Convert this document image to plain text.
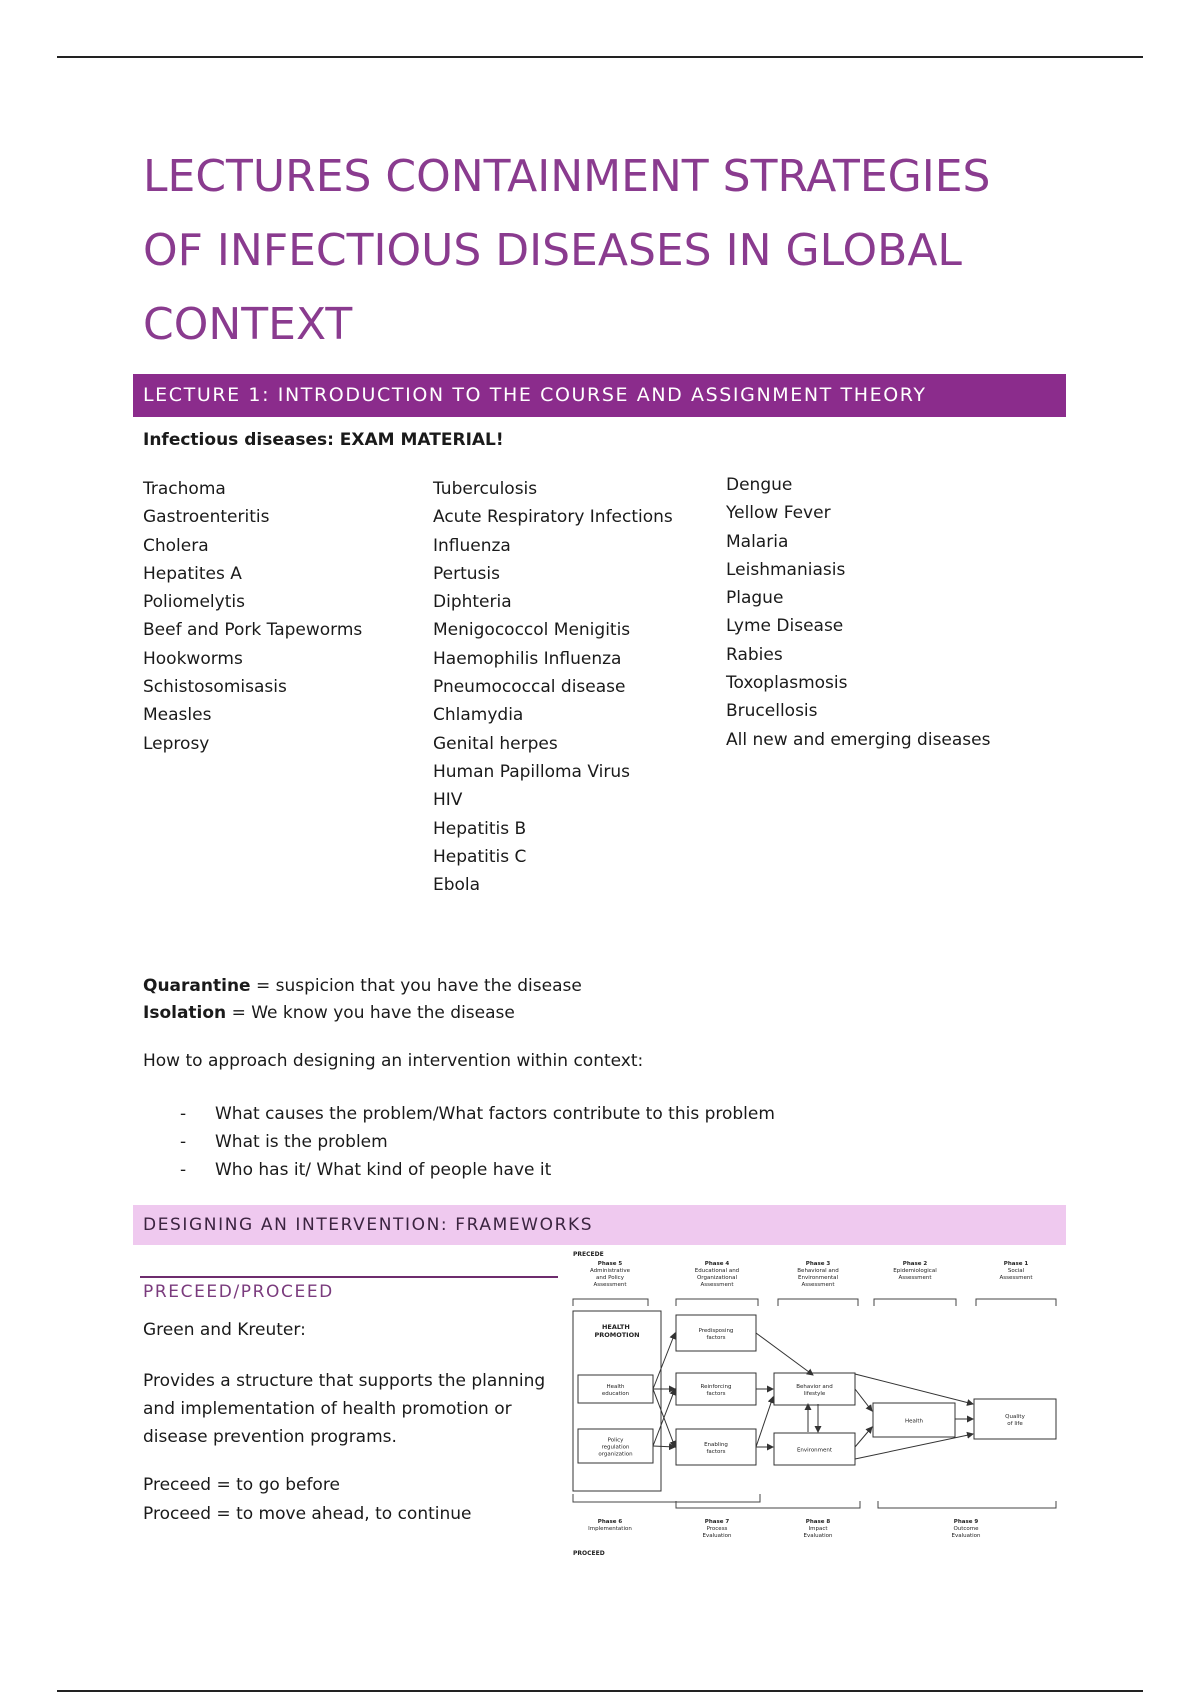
LECTURES CONTAINMENT STRATEGIES
OF INFECTIOUS DISEASES IN GLOBAL
CONTEXT
LECTURE 1: INTRODUCTION TO THE COURSE AND ASSIGNMENT THEORY
Infectious diseases: EXAM MATERIAL!
Trachoma
Gastroenteritis
Cholera
Hepatites A
Poliomelytis
Beef and Pork Tapeworms
Hookworms
Schistosomisasis
Measles
Leprosy
Tuberculosis
Acute Respiratory Infections
Influenza
Pertusis
Diphteria
Menigococcol Menigitis
Haemophilis Influenza
Pneumococcal disease
Chlamydia
Genital herpes
Human Papilloma Virus
HIV
Hepatitis B
Hepatitis C
Ebola
Dengue
Yellow Fever
Malaria
Leishmaniasis
Plague
Lyme Disease
Rabies
Toxoplasmosis
Brucellosis
All new and emerging diseases
Quarantine = suspicion that you have the disease
Isolation = We know you have the disease
How to approach designing an intervention within context:
- What causes the problem/What factors contribute to this problem
- What is the problem
- Who has it/ What kind of people have it
DESIGNING AN INTERVENTION: FRAMEWORKS
PRECEED/PROCEED
Green and Kreuter:
Provides a structure that supports the planning
and implementation of health promotion or
disease prevention programs.
Preceed = to go before
Proceed = to move ahead, to continue
PRECEDE
PROCEED
Phase 5 Administrative and Policy Assessment
Phase 4 Educational and Organizational Assessment
Phase 3 Behavioral and Environmental Assessment
Phase 2 Epidemiological Assessment
Phase 1 Social Assessment
Phase 6 Implementation
Phase 7 Process Evaluation
Phase 8 Impact Evaluation
Phase 9 Outcome Evaluation
HEALTH PROMOTION
Health education
Policy regulation organization
Predisposing factors
Reinforcing factors
Enabling factors
Behavior and lifestyle
Environment
Health
Quality of life
